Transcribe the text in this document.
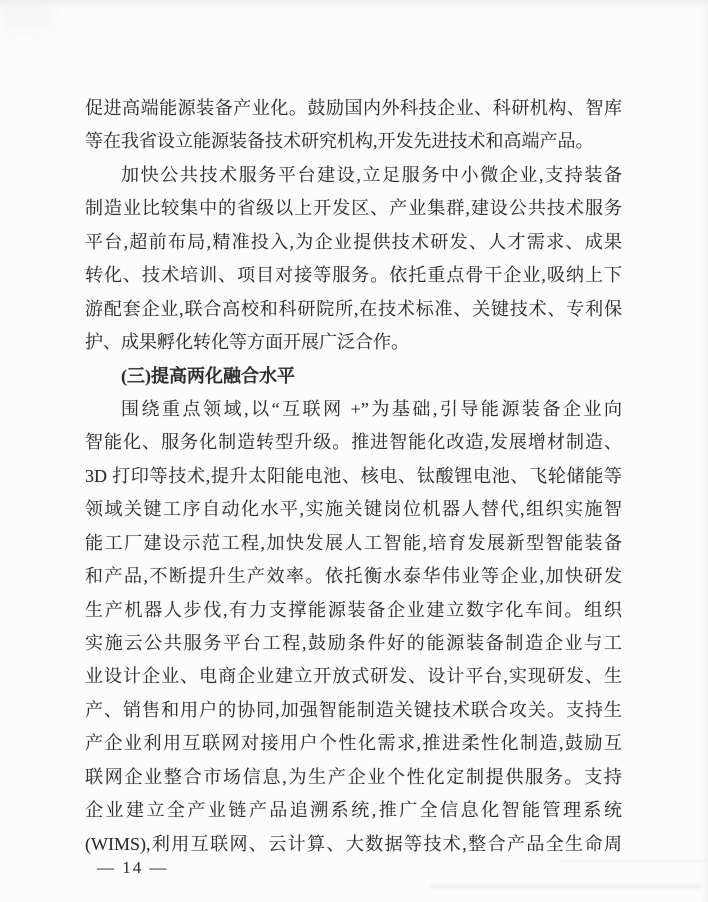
促进高端能源装备产业化。鼓励国内外科技企业、科研机构、智库
等在我省设立能源装备技术研究机构,开发先进技术和高端产品。
加快公共技术服务平台建设,立足服务中小微企业,支持装备
制造业比较集中的省级以上开发区、产业集群,建设公共技术服务
平台,超前布局,精准投入,为企业提供技术研发、人才需求、成果
转化、技术培训、项目对接等服务。依托重点骨干企业,吸纳上下
游配套企业,联合高校和科研院所,在技术标准、关键技术、专利保
护、成果孵化转化等方面开展广泛合作。
(三)提高两化融合水平
围绕重点领域,以“互联网 +”为基础,引导能源装备企业向
智能化、服务化制造转型升级。推进智能化改造,发展增材制造、
3D 打印等技术,提升太阳能电池、核电、钛酸锂电池、飞轮储能等
领域关键工序自动化水平,实施关键岗位机器人替代,组织实施智
能工厂建设示范工程,加快发展人工智能,培育发展新型智能装备
和产品,不断提升生产效率。依托衡水泰华伟业等企业,加快研发
生产机器人步伐,有力支撑能源装备企业建立数字化车间。组织
实施云公共服务平台工程,鼓励条件好的能源装备制造企业与工
业设计企业、电商企业建立开放式研发、设计平台,实现研发、生
产、销售和用户的协同,加强智能制造关键技术联合攻关。支持生
产企业利用互联网对接用户个性化需求,推进柔性化制造,鼓励互
联网企业整合市场信息,为生产企业个性化定制提供服务。支持
企业建立全产业链产品追溯系统,推广全信息化智能管理系统
(WIMS),利用互联网、云计算、大数据等技术,整合产品全生命周
— 14 —
